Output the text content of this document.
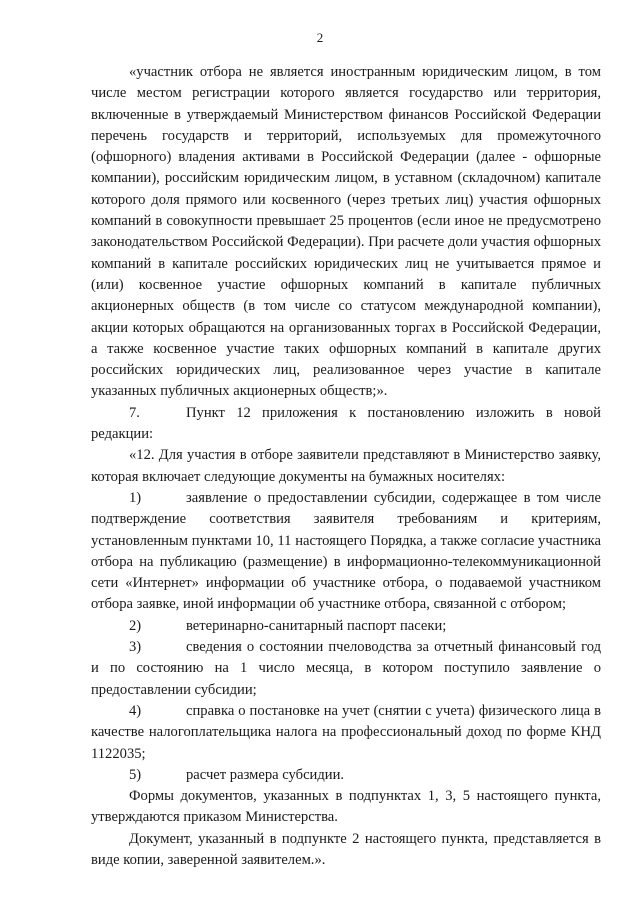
2

«участник отбора не является иностранным юридическим лицом, в том числе местом регистрации которого является государство или территория, включенные в утверждаемый Министерством финансов Российской Федерации перечень государств и территорий, используемых для промежуточного (офшорного) владения активами в Российской Федерации (далее - офшорные компании), российским юридическим лицом, в уставном (складочном) капитале которого доля прямого или косвенного (через третьих лиц) участия офшорных компаний в совокупности превышает 25 процентов (если иное не предусмотрено законодательством Российской Федерации). При расчете доли участия офшорных компаний в капитале российских юридических лиц не учитывается прямое и (или) косвенное участие офшорных компаний в капитале публичных акционерных обществ (в том числе со статусом международной компании), акции которых обращаются на организованных торгах в Российской Федерации, а также косвенное участие таких офшорных компаний в капитале других российских юридических лиц, реализованное через участие в капитале указанных публичных акционерных обществ;».

7.	Пункт 12 приложения к постановлению изложить в новой редакции:

«12. Для участия в отборе заявители представляют в Министерство заявку, которая включает следующие документы на бумажных носителях:

1)	заявление о предоставлении субсидии, содержащее в том числе подтверждение соответствия заявителя требованиям и критериям, установленным пунктами 10, 11 настоящего Порядка, а также согласие участника отбора на публикацию (размещение) в информационно-телекоммуникационной сети «Интернет» информации об участнике отбора, о подаваемой участником отбора заявке, иной информации об участнике отбора, связанной с отбором;

2)	ветеринарно-санитарный паспорт пасеки;

3)	сведения о состоянии пчеловодства за отчетный финансовый год и по состоянию на 1 число месяца, в котором поступило заявление о предоставлении субсидии;

4)	справка о постановке на учет (снятии с учета) физического лица в качестве налогоплательщика налога на профессиональный доход по форме КНД 1122035;

5)	расчет размера субсидии.

Формы документов, указанных в подпунктах 1, 3, 5 настоящего пункта, утверждаются приказом Министерства.

Документ, указанный в подпункте 2 настоящего пункта, представляется в виде копии, заверенной заявителем.».
